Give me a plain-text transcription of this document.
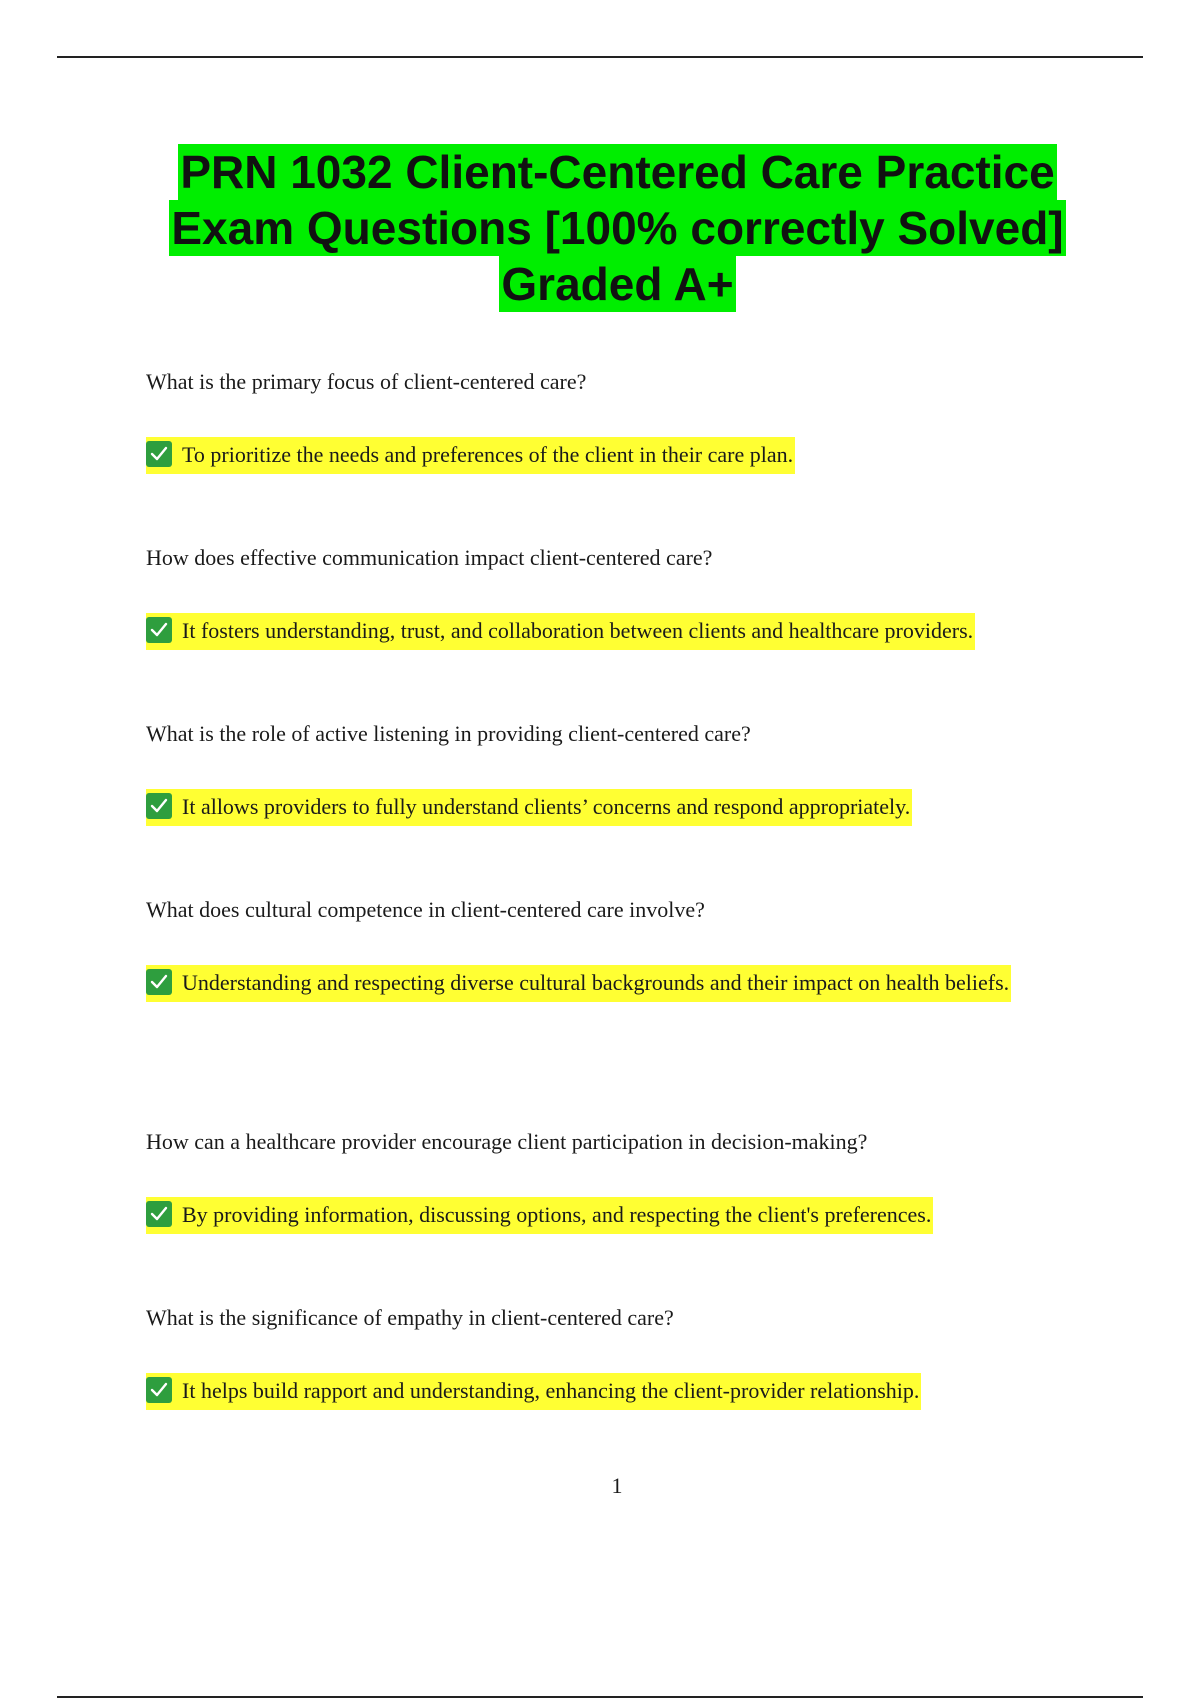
PRN 1032 Client-Centered Care Practice
Exam Questions [100% correctly Solved]
Graded A+

What is the primary focus of client-centered care?

To prioritize the needs and preferences of the client in their care plan.

How does effective communication impact client-centered care?

It fosters understanding, trust, and collaboration between clients and healthcare providers.

What is the role of active listening in providing client-centered care?

It allows providers to fully understand clients’ concerns and respond appropriately.

What does cultural competence in client-centered care involve?

Understanding and respecting diverse cultural backgrounds and their impact on health beliefs.

How can a healthcare provider encourage client participation in decision-making?

By providing information, discussing options, and respecting the client's preferences.

What is the significance of empathy in client-centered care?

It helps build rapport and understanding, enhancing the client-provider relationship.
1
